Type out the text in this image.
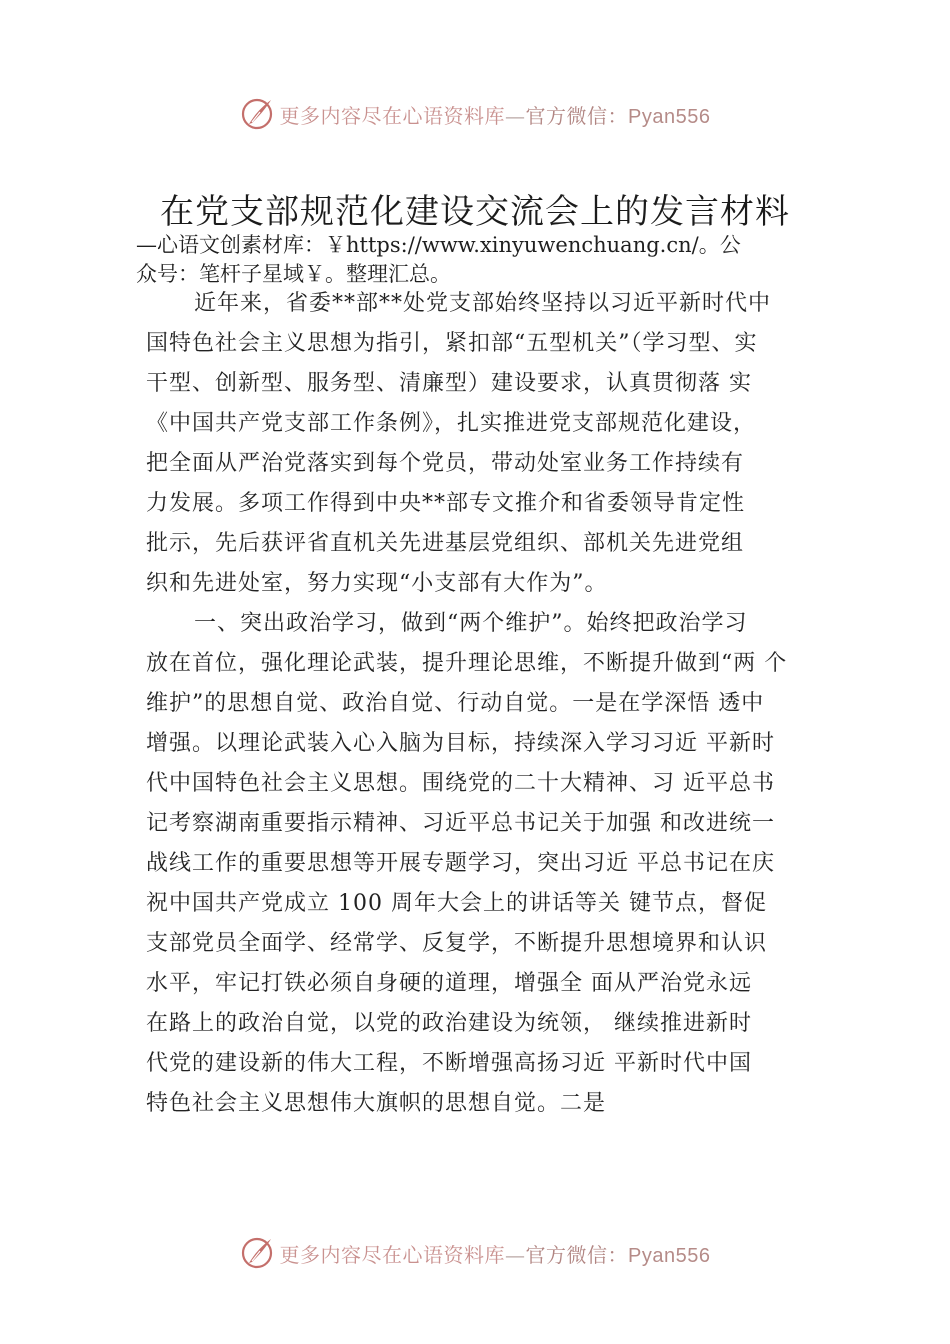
更多内容尽在心语资料库—官方微信：Pyan556
在党支部规范化建设交流会上的发言材料
—心语文创素材库：￥https://www.xinyuwenchuang.cn/。公
众号：笔杆子星域￥。整理汇总。
近年来，省委**部**处党支部始终坚持以习近平新时代中
国特色社会主义思想为指引，紧扣部“五型机关”（学习型、实
干型、创新型、服务型、清廉型）建设要求，认真贯彻落 实
《中国共产党支部工作条例》，扎实推进党支部规范化建设，
把全面从严治党落实到每个党员，带动处室业务工作持续有
力发展。多项工作得到中央**部专文推介和省委领导肯定性
批示，先后获评省直机关先进基层党组织、部机关先进党组
织和先进处室，努力实现“小支部有大作为”。
一、突出政治学习，做到“两个维护”。始终把政治学习
放在首位，强化理论武装，提升理论思维，不断提升做到“两 个
维护”的思想自觉、政治自觉、行动自觉。一是在学深悟 透中
增强。以理论武装入心入脑为目标，持续深入学习习近 平新时
代中国特色社会主义思想。围绕党的二十大精神、习 近平总书
记考察湖南重要指示精神、习近平总书记关于加强 和改进统一
战线工作的重要思想等开展专题学习，突出习近 平总书记在庆
祝中国共产党成立 100 周年大会上的讲话等关 键节点，督促
支部党员全面学、经常学、反复学，不断提升思想境界和认识
水平，牢记打铁必须自身硬的道理，增强全 面从严治党永远
在路上的政治自觉，以党的政治建设为统领， 继续推进新时
代党的建设新的伟大工程，不断增强高扬习近 平新时代中国
特色社会主义思想伟大旗帜的思想自觉。二是
更多内容尽在心语资料库—官方微信：Pyan556
